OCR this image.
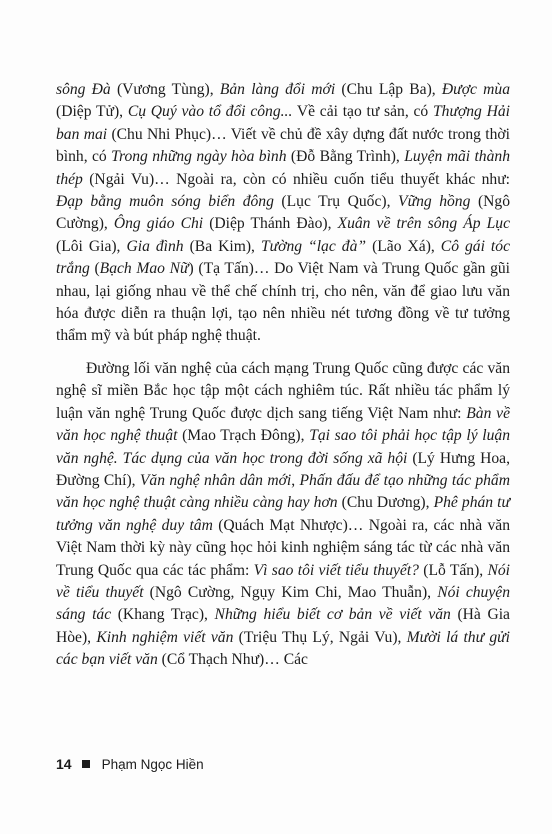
sông Đà (Vương Tùng), Bản làng đổi mới (Chu Lập Ba), Được mùa (Diệp Tử), Cụ Quý vào tổ đổi công... Về cải tạo tư sản, có Thượng Hải ban mai (Chu Nhi Phục)… Viết về chủ đề xây dựng đất nước trong thời bình, có Trong những ngày hòa bình (Đỗ Bằng Trình), Luyện mãi thành thép (Ngải Vu)… Ngoài ra, còn có nhiều cuốn tiểu thuyết khác như: Đạp bằng muôn sóng biển đông (Lục Trụ Quốc), Vững hồng (Ngô Cường), Ông giáo Chi (Diệp Thánh Đào), Xuân về trên sông Áp Lục (Lôi Gia), Gia đình (Ba Kim), Tường “lạc đà” (Lão Xá), Cô gái tóc trắng (Bạch Mao Nữ) (Tạ Tấn)… Do Việt Nam và Trung Quốc gần gũi nhau, lại giống nhau về thể chế chính trị, cho nên, văn để giao lưu văn hóa được diễn ra thuận lợi, tạo nên nhiều nét tương đồng về tư tưởng thẩm mỹ và bút pháp nghệ thuật.

Đường lối văn nghệ của cách mạng Trung Quốc cũng được các văn nghệ sĩ miền Bắc học tập một cách nghiêm túc. Rất nhiều tác phẩm lý luận văn nghệ Trung Quốc được dịch sang tiếng Việt Nam như: Bàn về văn học nghệ thuật (Mao Trạch Đông), Tại sao tôi phải học tập lý luận văn nghệ. Tác dụng của văn học trong đời sống xã hội (Lý Hưng Hoa, Đường Chí), Văn nghệ nhân dân mới, Phấn đấu để tạo những tác phẩm văn học nghệ thuật càng nhiều càng hay hơn (Chu Dương), Phê phán tư tưởng văn nghệ duy tâm (Quách Mạt Nhược)… Ngoài ra, các nhà văn Việt Nam thời kỳ này cũng học hỏi kinh nghiệm sáng tác từ các nhà văn Trung Quốc qua các tác phẩm: Vì sao tôi viết tiểu thuyết? (Lỗ Tấn), Nói về tiểu thuyết (Ngô Cường, Ngụy Kim Chi, Mao Thuẫn), Nói chuyện sáng tác (Khang Trạc), Những hiểu biết cơ bản về viết văn (Hà Gia Hòe), Kinh nghiệm viết văn (Triệu Thụ Lý, Ngải Vu), Mười lá thư gửi các bạn viết văn (Cổ Thạch Như)… Các

14 Phạm Ngọc Hiền
